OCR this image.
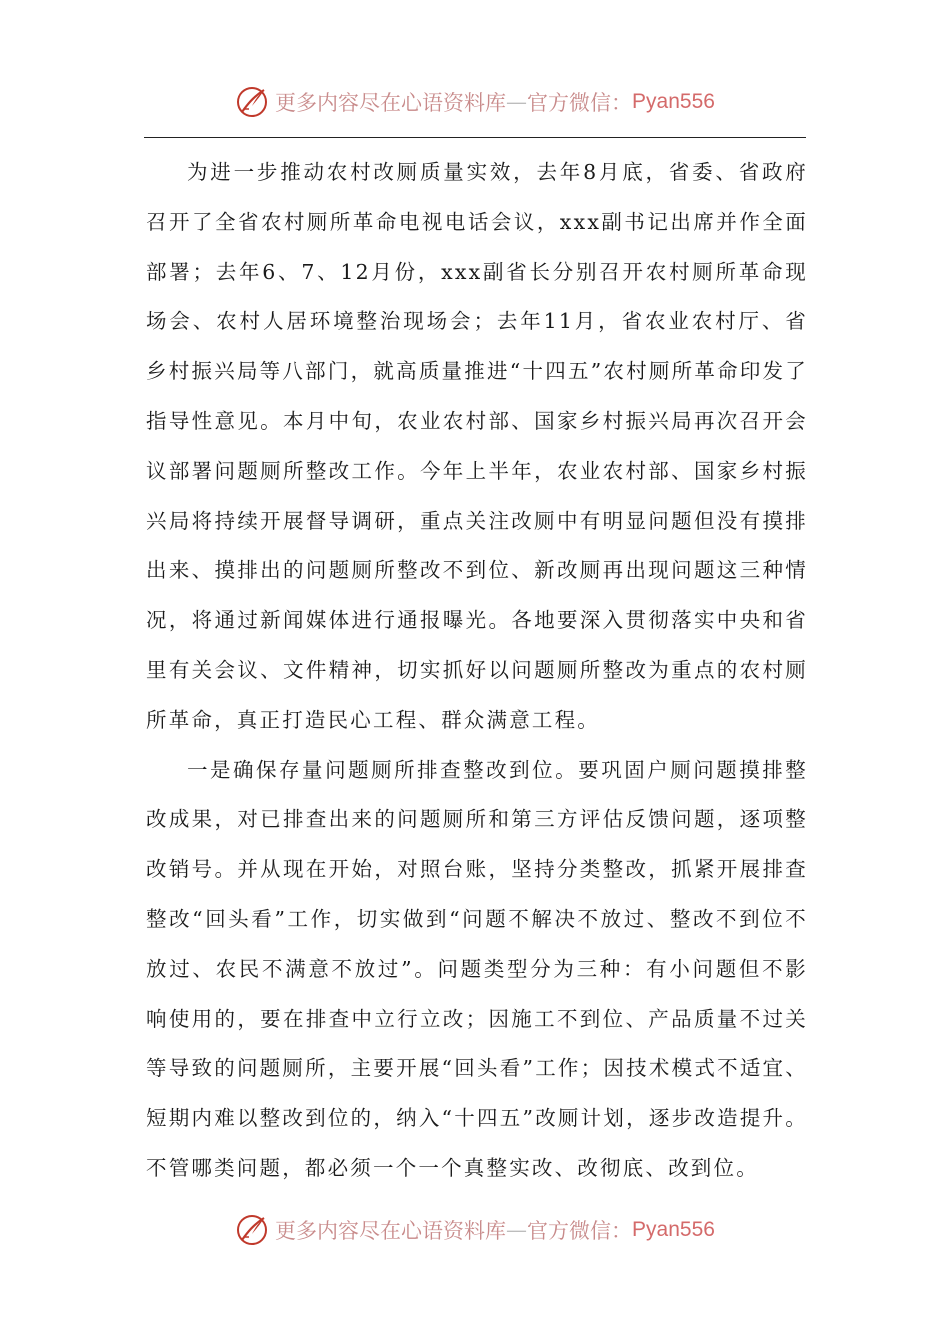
更多内容尽在心语资料库 — 官方微信： Pyan556

为进一步推动农村改厕质量实效，去年8月底，省委、省政府召开了全省农村厕所革命电视电话会议，xxx副书记出席并作全面部署；去年6、7、12月份，xxx副省长分别召开农村厕所革命现场会、农村人居环境整治现场会；去年11月，省农业农村厅、省乡村振兴局等八部门，就高质量推进“十四五”农村厕所革命印发了指导性意见。本月中旬，农业农村部、国家乡村振兴局再次召开会议部署问题厕所整改工作。今年上半年，农业农村部、国家乡村振兴局将持续开展督导调研，重点关注改厕中有明显问题但没有摸排出来、摸排出的问题厕所整改不到位、新改厕再出现问题这三种情况，将通过新闻媒体进行通报曝光。各地要深入贯彻落实中央和省里有关会议、文件精神，切实抓好以问题厕所整改为重点的农村厕所革命，真正打造民心工程、群众满意工程。

一是确保存量问题厕所排查整改到位。要巩固户厕问题摸排整改成果，对已排查出来的问题厕所和第三方评估反馈问题，逐项整改销号。并从现在开始，对照台账，坚持分类整改，抓紧开展排查整改“回头看”工作，切实做到“问题不解决不放过、整改不到位不放过、农民不满意不放过”。问题类型分为三种：有小问题但不影响使用的，要在排查中立行立改；因施工不到位、产品质量不过关等导致的问题厕所，主要开展“回头看”工作；因技术模式不适宜、短期内难以整改到位的，纳入“十四五”改厕计划，逐步改造提升。不管哪类问题，都必须一个一个真整实改、改彻底、改到位。

更多内容尽在心语资料库 — 官方微信： Pyan556
